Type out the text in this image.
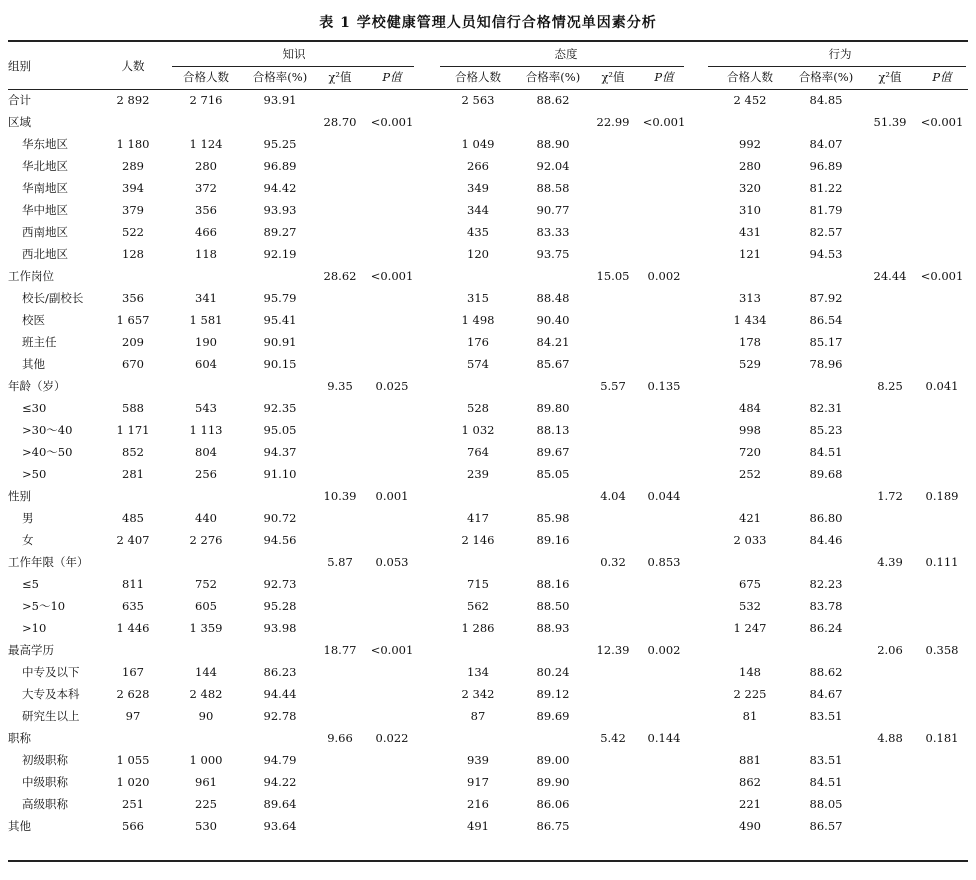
表 1 学校健康管理人员知信行合格情况单因素分析
组别	人数	知识					态度					行为			
		合格人数	合格率(%)	χ²值	P值		合格人数	合格率(%)	χ²值	P值		合格人数	合格率(%)	χ²值	P值
合计	2 892	2 716	93.91				2 563	88.62				2 452	84.85		
区域				28.70	<0.001				22.99	<0.001				51.39	<0.001
华东地区	1 180	1 124	95.25				1 049	88.90				992	84.07		
华北地区	289	280	96.89				266	92.04				280	96.89		
华南地区	394	372	94.42				349	88.58				320	81.22		
华中地区	379	356	93.93				344	90.77				310	81.79		
西南地区	522	466	89.27				435	83.33				431	82.57		
西北地区	128	118	92.19				120	93.75				121	94.53		
工作岗位				28.62	<0.001				15.05	0.002				24.44	<0.001
校长/副校长	356	341	95.79				315	88.48				313	87.92		
校医	1 657	1 581	95.41				1 498	90.40				1 434	86.54		
班主任	209	190	90.91				176	84.21				178	85.17		
其他	670	604	90.15				574	85.67				529	78.96		
年龄（岁）				9.35	0.025				5.57	0.135				8.25	0.041
≤30	588	543	92.35				528	89.80				484	82.31		
>30～40	1 171	1 113	95.05				1 032	88.13				998	85.23		
>40～50	852	804	94.37				764	89.67				720	84.51		
>50	281	256	91.10				239	85.05				252	89.68		
性别				10.39	0.001				4.04	0.044				1.72	0.189
男	485	440	90.72				417	85.98				421	86.80		
女	2 407	2 276	94.56				2 146	89.16				2 033	84.46		
工作年限（年）				5.87	0.053				0.32	0.853				4.39	0.111
≤5	811	752	92.73				715	88.16				675	82.23		
>5～10	635	605	95.28				562	88.50				532	83.78		
>10	1 446	1 359	93.98				1 286	88.93				1 247	86.24		
最高学历				18.77	<0.001				12.39	0.002				2.06	0.358
中专及以下	167	144	86.23				134	80.24				148	88.62		
大专及本科	2 628	2 482	94.44				2 342	89.12				2 225	84.67		
研究生以上	97	90	92.78				87	89.69				81	83.51		
职称				9.66	0.022				5.42	0.144				4.88	0.181
初级职称	1 055	1 000	94.79				939	89.00				881	83.51		
中级职称	1 020	961	94.22				917	89.90				862	84.51		
高级职称	251	225	89.64				216	86.06				221	88.05		
其他	566	530	93.64				491	86.75				490	86.57		
